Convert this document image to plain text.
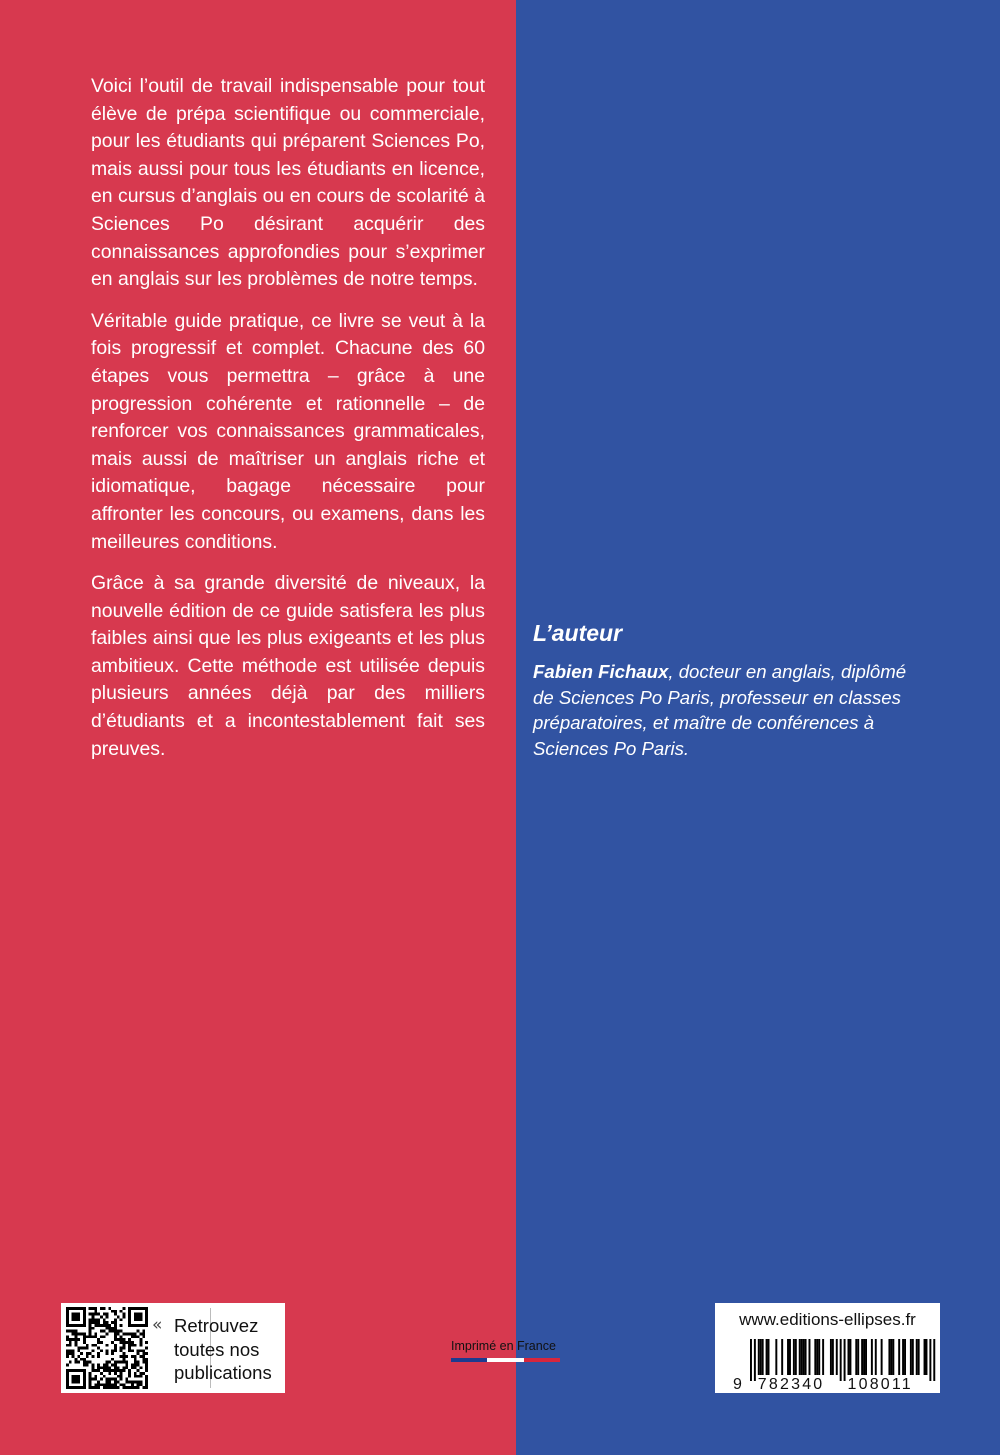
Voici l’outil de travail indispensable pour tout élève de prépa scientifique ou commerciale, pour les étudiants qui préparent Sciences Po, mais aussi pour tous les étudiants en licence, en cursus d’anglais ou en cours de scolarité à Sciences Po désirant acquérir des connaissances approfondies pour s’exprimer en anglais sur les problèmes de notre temps.

Véritable guide pratique, ce livre se veut à la fois progressif et complet. Chacune des 60 étapes vous permettra – grâce à une progression cohérente et rationnelle – de renforcer vos connaissances grammaticales, mais aussi de maîtriser un anglais riche et idiomatique, bagage nécessaire pour affronter les concours, ou examens, dans les meilleures conditions.

Grâce à sa grande diversité de niveaux, la nouvelle édition de ce guide satisfera les plus faibles ainsi que les plus exigeants et les plus ambitieux. Cette méthode est utilisée depuis plusieurs années déjà par des milliers d’étudiants et a incontestablement fait ses preuves.

L’auteur

Fabien Fichaux, docteur en anglais, diplômé de Sciences Po Paris, professeur en classes préparatoires, et maître de conférences à Sciences Po Paris.

« Retrouvez
toutes nos
publications
Imprimé en France
www.editions-ellipses.fr
9 782340 108011
